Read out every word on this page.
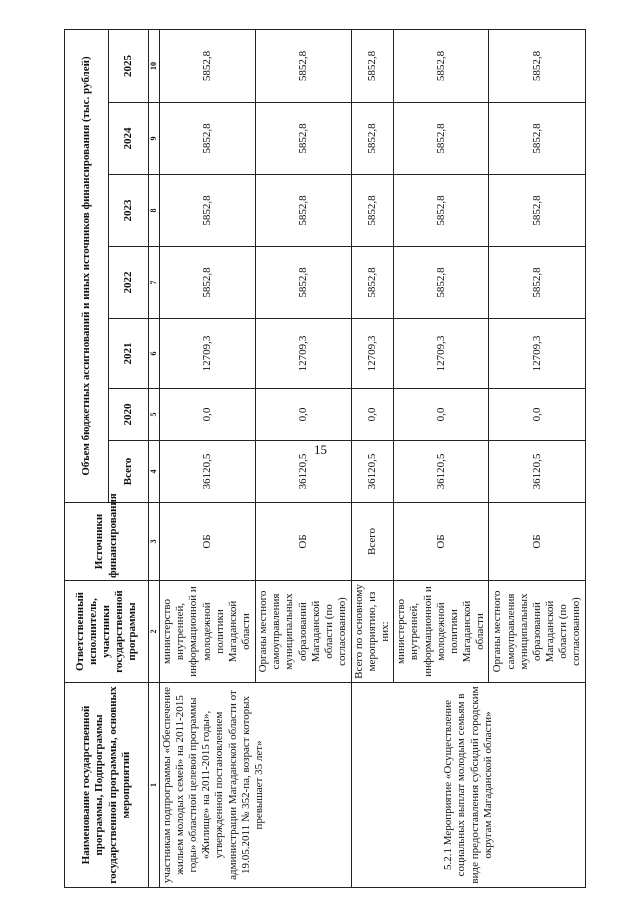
15
Наименование государственной программы, Подпрограммы государственной программы, основных мероприятий	Ответственный исполнитель, участники государственной программы	Источники финансирования	Объем бюджетных ассигнований и иных источников финансирования (тыс. рублей)						
			Всего	2020	2021	2022	2023	2024	2025
1	2	3	4	5	6	7	8	9	10
участникам подпрограммы «Обеспечение жильем молодых семей» на 2011-2015 годы» областной целевой программы «Жилище» на 2011-2015 годы», утвержденной постановлением администрации Магаданской области от 19.05.2011 № 352-па, возраст которых превышает 35 лет»	министерство внутренней, информационной и молодежной политики Магаданской области	ОБ	36120,5	0,0	12709,3	5852,8	5852,8	5852,8	5852,8
	Органы местного самоуправления муниципальных образований Магаданской области (по согласованию)	ОБ	36120,5	0,0	12709,3	5852,8	5852,8	5852,8	5852,8
5.2.1 Мероприятие «Осуществление социальных выплат молодым семьям в виде предоставления субсидий городским округам Магаданской области»	Всего по основному мероприятию, из них:	Всего	36120,5	0,0	12709,3	5852,8	5852,8	5852,8	5852,8
	министерство внутренней, информационной и молодежной политики Магаданской области	ОБ	36120,5	0,0	12709,3	5852,8	5852,8	5852,8	5852,8
	Органы местного самоуправления муниципальных образований Магаданской области (по согласованию)	ОБ	36120,5	0,0	12709,3	5852,8	5852,8	5852,8	5852,8
